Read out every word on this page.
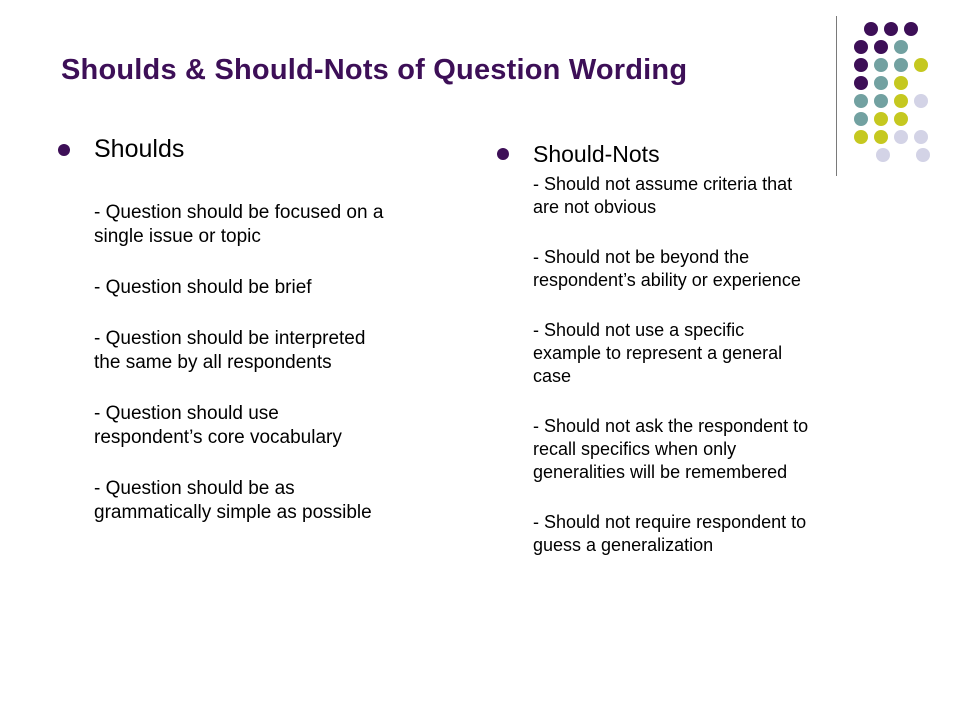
Shoulds & Should-Nots of Question Wording
Shoulds
- Question should be focused on a
single issue or topic
- Question should be brief
- Question should be interpreted
the same by all respondents
- Question should use
respondent’s core vocabulary
- Question should be as
grammatically simple as possible
Should-Nots
- Should not assume criteria that
are not obvious
- Should not be beyond the
respondent’s ability or experience
- Should not use a specific
example to represent a general
case
- Should not ask the respondent to
recall specifics when only
generalities will be remembered
- Should not require respondent to
guess a generalization
